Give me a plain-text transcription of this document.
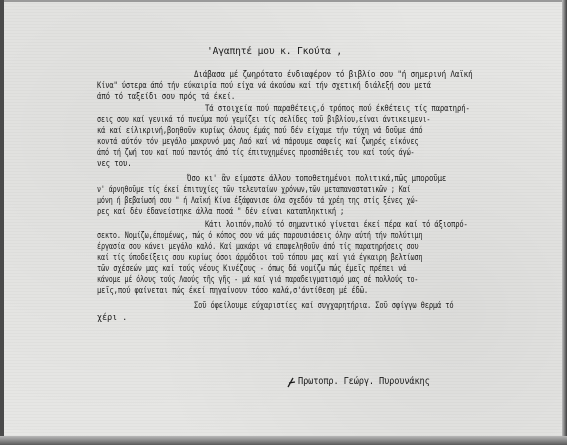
'Αγαπητέ μου κ. Γκούτα ,
Διάβασα μέ ζωηρότατο ένδιαφέρον τό βιβλίο σου "ή σημερινή Λαϊκή
Κίνα" ύστερα άπό τήν εύκαιρία πού είχα νά άκούσω καί τήν σχετική διάλεξή σου μετά
άπό τό ταξείδι σου πρός τά έκεί.
Τά στοιχεία πού παραθέτεις,ό τρόπος πού έκθέτεις τίς παρατηρή-
σεις σου καί γενικά τό πνεύμα πού γεμίζει τίς σελίδες τοῦ βιβλίου,είναι άντικειμενι-
κά καί είλικρινή,βοηθοῦν κυρίως όλους έμάς πού δέν είχαμε τήν τύχη νά δοῦμε άπό
κοντά αύτόν τόν μεγάλο μακρυνό μας Λαό καί νά πάρουμε σαφείς καί ζωηρές είκόνες
άπό τή ζωή του καί πού παντός άπό τίς έπιτυχημένες προσπάθειές του καί τούς άγώ-
νες του.
Όσο κι' ἂν είμαστε άλλου τοποθετημένοι πολιτικά,πῶς μποροῦμε
ν' άρνηθοῦμε τίς έκεί έπιτυχίες τῶν τελευταίων χρόνων,τῶν μεταπαναστατικῶν ; Καί
μόνη ή βεβαίωσή σου " ή Λαϊκή Κίνα έξάφανισε όλα σχεδόν τά χρέη της στίς ξένες χώ-
ρες καί δέν έδανείστηκε άλλα ποσά " δέν είναι καταπληκτική ;
Κάτι λοιπόν,πολύ τό σημαντικό γίνεται έκεί πέρα καί τό άξιοπρό-
σεκτο. Νομίζω,έπομένως, πώς ό κόπος σου νά μάς παρουσιάσεις όλην αύτή τήν πολύτιμη
έργασία σου κάνει μεγάλο καλό. Καί μακάρι νά επαφεληθοῦν άπό τίς παρατηρήσεις σου
καί τίς ύποδείξεις σου κυρίως όσοι άρμόδιοι τοῦ τόπου μας καί γιά έγκαιρη βελτίωση
τῶν σχέσεών μας καί τούς νέους Κινέζους - όπως δά νομίζω πώς έμεῖς πρέπει νά
κάνομε μέ όλους τούς Λαούς τῆς γῆς - μά καί γιά παραδειγματισμό μας σέ πολλούς το-
μεῖς,πού φαίνεται πώς έκεί πηγαίνουν τόσο καλά,σ'άντίθεση μέ έδῶ.
Σοῦ όφείλουμε εύχαριστίες καί συγχαρητήρια. Σοῦ σφίγγω θερμά τό
χέρι .
Πρωτοπρ. Γεώργ. Πυρουνάκης
